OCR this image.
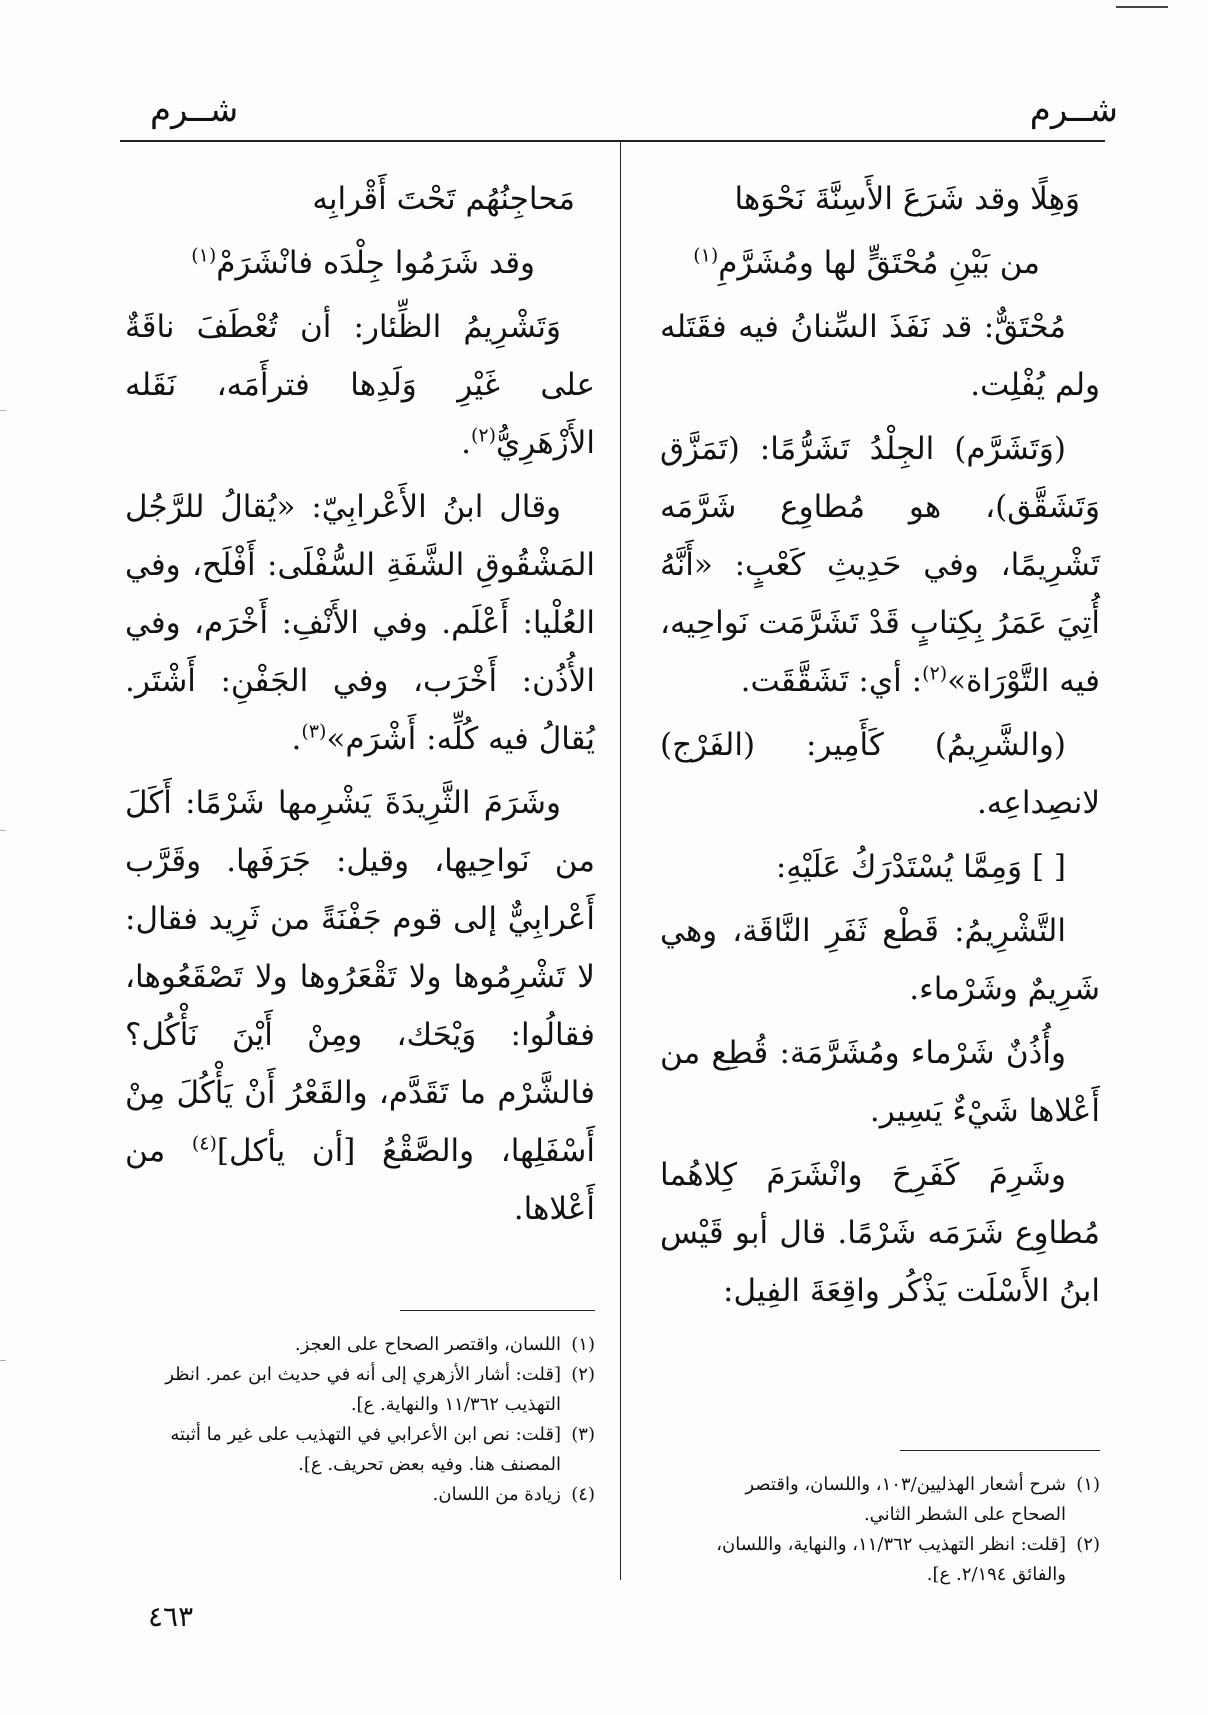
شــرم
شــرم

وَهِلًا وقد شَرَعَ الأَسِنَّةَ نَحْوَها

من بَيْنِ مُحْتَقٍّ لها ومُشَرَّمِ$^{(١)}$

مُحْتَقٌّ: قد نَفَذَ السِّنانُ فيه فقَتَله ولم يُفْلِت.

(وَتَشَرَّم) الجِلْدُ تَشَرُّمًا: (تَمَزَّق وَتَشَقَّق)، هو مُطاوِع شَرَّمَه تَشْرِيمًا، وفي حَدِيثِ كَعْبٍ: «أَنَّهُ أُتِيَ عَمَرُ بِكِتابٍ قَدْ تَشَرَّمَت نَواحِيه، فيه التَّوْرَاة»$^{(٢)}$: أي: تَشَقَّقَت.

(والشَّرِيمُ) كَأَمِير: (الفَرْج) لانصِداعِه.

[ ] وَمِمَّا يُسْتَدْرَكُ عَلَيْهِ:

التَّشْرِيمُ: قَطْع ثَفَرِ النَّاقَة، وهي شَرِيمٌ وشَرْماء.

وأُذُنٌ شَرْماء ومُشَرَّمَة: قُطِع من أَعْلاها شَيْءٌ يَسِير.

وشَرِمَ كَفَرِحَ وانْشَرَمَ كِلاهُما مُطاوِع شَرَمَه شَرْمًا. قال أبو قَيْس ابنُ الأَسْلَت يَذْكُر واقِعَةَ الفِيل:

مَحاجِنُهُم تَحْتَ أَقْرابِه

وقد شَرَمُوا جِلْدَه فانْشَرَمْ$^{(١)}$

وَتَشْرِيمُ الظِّئار: أن تُعْطَفَ ناقَةٌ على غَيْرِ وَلَدِها فترأَمَه، نَقَله الأَزْهَرِيُّ$^{(٢)}$.

وقال ابنُ الأَعْرابِيّ: «يُقالُ للرَّجُل المَشْقُوقِ الشَّفَةِ السُّفْلَى: أَفْلَح، وفي العُلْيا: أَعْلَم. وفي الأَنْفِ: أَخْرَم، وفي الأُذُن: أَخْرَب، وفي الجَفْنِ: أَشْتَر. يُقالُ فيه كُلِّه: أَشْرَم»$^{(٣)}$.

وشَرَمَ الثَّرِيدَةَ يَشْرِمها شَرْمًا: أَكَلَ من نَواحِيها، وقيل: جَرَفَها. وقَرَّب أَعْرابِيٌّ إلى قوم جَفْنَةً من ثَرِيد فقال: لا تَشْرِمُوها ولا تَقْعَرُوها ولا تَصْقَعُوها، فقالُوا: وَيْحَك، ومِنْ أَيْنَ نَأْكُل؟ فالشَّرْم ما تَقَدَّم، والقَعْرُ أَنْ يَأْكُلَ مِنْ أَسْفَلِها، والصَّقْعُ [أن يأكل]$^{(٤)}$ من أَعْلاها.

(١)شرح أشعار الهذليين/١٠٣، واللسان، واقتصر
الصحاح على الشطر الثاني.
(٢)[قلت: انظر التهذيب ١١/٣٦٢، والنهاية، واللسان،
والفائق ٢/١٩٤. ع].
(١)اللسان، واقتصر الصحاح على العجز.
(٢)[قلت: أشار الأزهري إلى أنه في حديث ابن عمر. انظر
التهذيب ١١/٣٦٢ والنهاية. ع].
(٣)[قلت: نص ابن الأعرابي في التهذيب على غير ما أثبته
المصنف هنا. وفيه بعض تحريف. ع].
(٤)زيادة من اللسان.
٤٦٣
